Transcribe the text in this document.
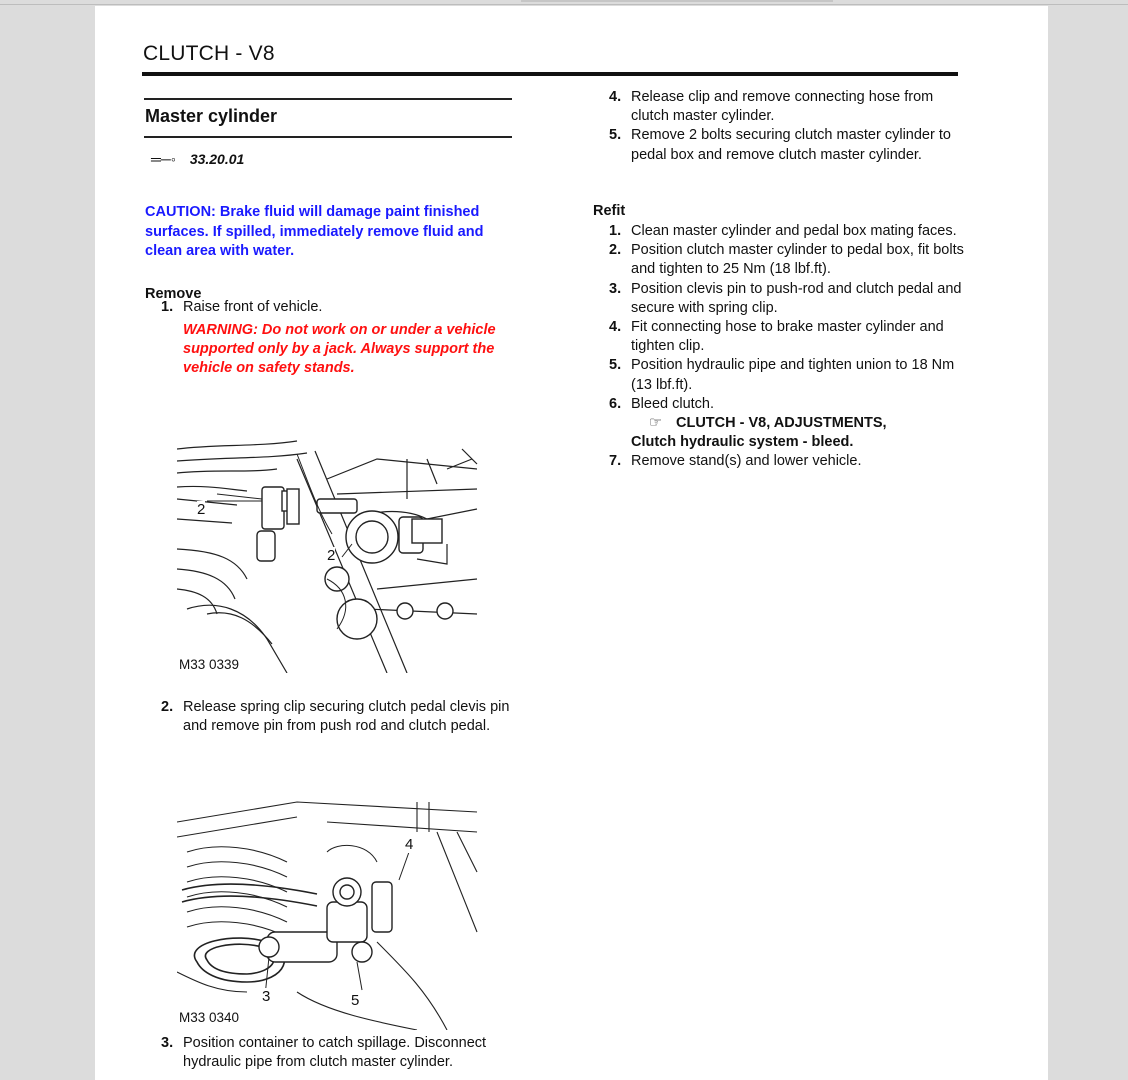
CLUTCH - V8
Master cylinder
═─◦ 33.20.01
CAUTION: Brake fluid will damage paint finished surfaces. If spilled, immediately remove fluid and clean area with water.
Remove
1. Raise front of vehicle.
WARNING: Do not work on or under a vehicle supported only by a jack. Always support the vehicle on safety stands.
2
2
M33 0339
2. Release spring clip securing clutch pedal clevis pin and remove pin from push rod and clutch pedal.
4
3	5
M33 0340
3. Position container to catch spillage. Disconnect hydraulic pipe from clutch master cylinder.
4. Release clip and remove connecting hose from clutch master cylinder.
5. Remove 2 bolts securing clutch master cylinder to pedal box and remove clutch master cylinder.
Refit
1. Clean master cylinder and pedal box mating faces.
2. Position clutch master cylinder to pedal box, fit bolts and tighten to 25 Nm (18 lbf.ft).
3. Position clevis pin to push-rod and clutch pedal and secure with spring clip.
4. Fit connecting hose to brake master cylinder and tighten clip.
5. Position hydraulic pipe and tighten union to 18 Nm (13 lbf.ft).
6. Bleed clutch.
☞ CLUTCH - V8, ADJUSTMENTS,
Clutch hydraulic system - bleed.
7. Remove stand(s) and lower vehicle.
